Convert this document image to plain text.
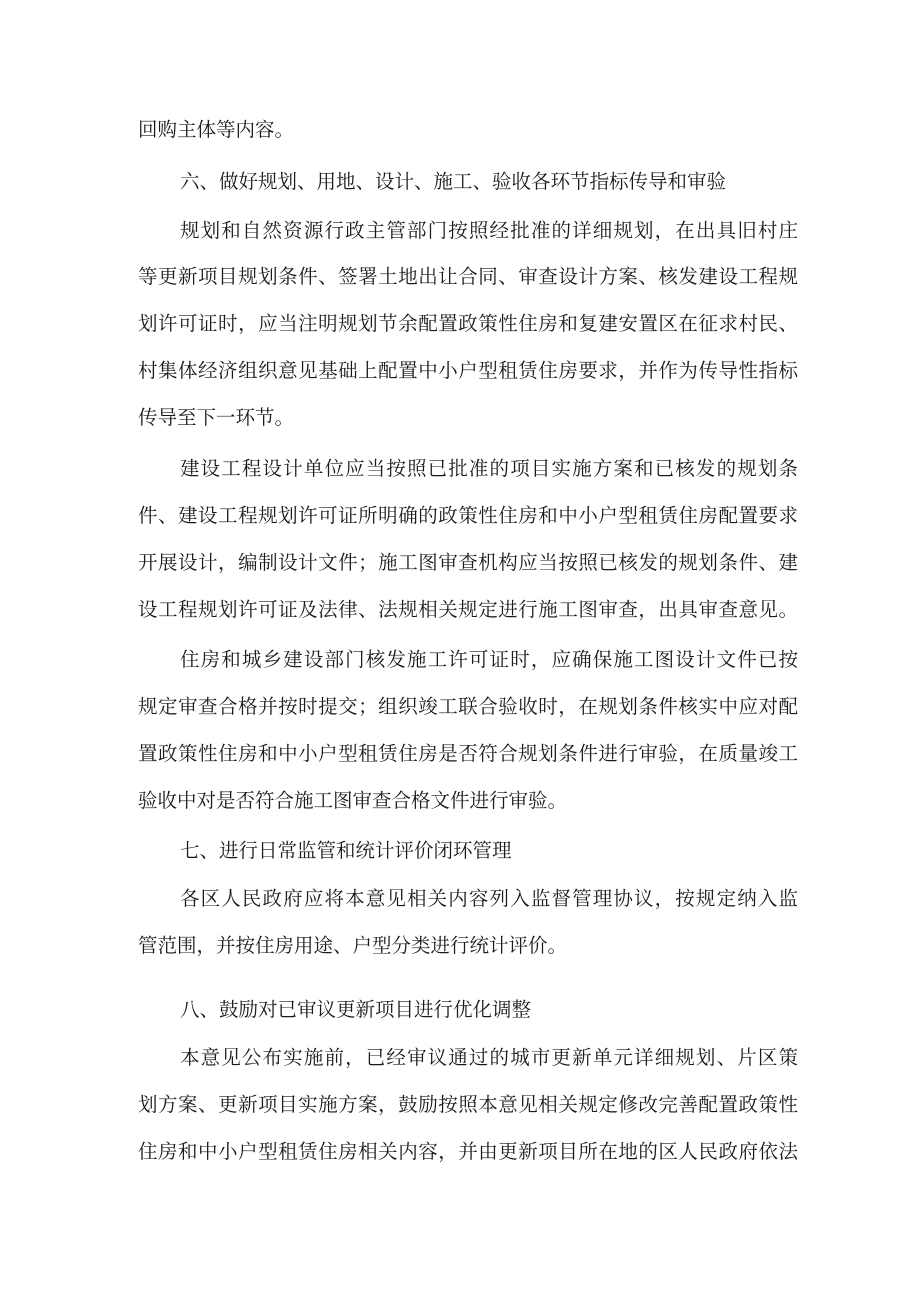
回购主体等内容。
六、做好规划、用地、设计、施工、验收各环节指标传导和审验
规划和自然资源行政主管部门按照经批准的详细规划，在出具旧村庄
等更新项目规划条件、签署土地出让合同、审查设计方案、核发建设工程规
划许可证时，应当注明规划节余配置政策性住房和复建安置区在征求村民、
村集体经济组织意见基础上配置中小户型租赁住房要求，并作为传导性指标
传导至下一环节。
建设工程设计单位应当按照已批准的项目实施方案和已核发的规划条
件、建设工程规划许可证所明确的政策性住房和中小户型租赁住房配置要求
开展设计，编制设计文件；施工图审查机构应当按照已核发的规划条件、建
设工程规划许可证及法律、法规相关规定进行施工图审查，出具审查意见。
住房和城乡建设部门核发施工许可证时，应确保施工图设计文件已按
规定审查合格并按时提交；组织竣工联合验收时，在规划条件核实中应对配
置政策性住房和中小户型租赁住房是否符合规划条件进行审验，在质量竣工
验收中对是否符合施工图审查合格文件进行审验。
七、进行日常监管和统计评价闭环管理
各区人民政府应将本意见相关内容列入监督管理协议，按规定纳入监
管范围，并按住房用途、户型分类进行统计评价。
八、鼓励对已审议更新项目进行优化调整
本意见公布实施前，已经审议通过的城市更新单元详细规划、片区策
划方案、更新项目实施方案，鼓励按照本意见相关规定修改完善配置政策性
住房和中小户型租赁住房相关内容，并由更新项目所在地的区人民政府依法
